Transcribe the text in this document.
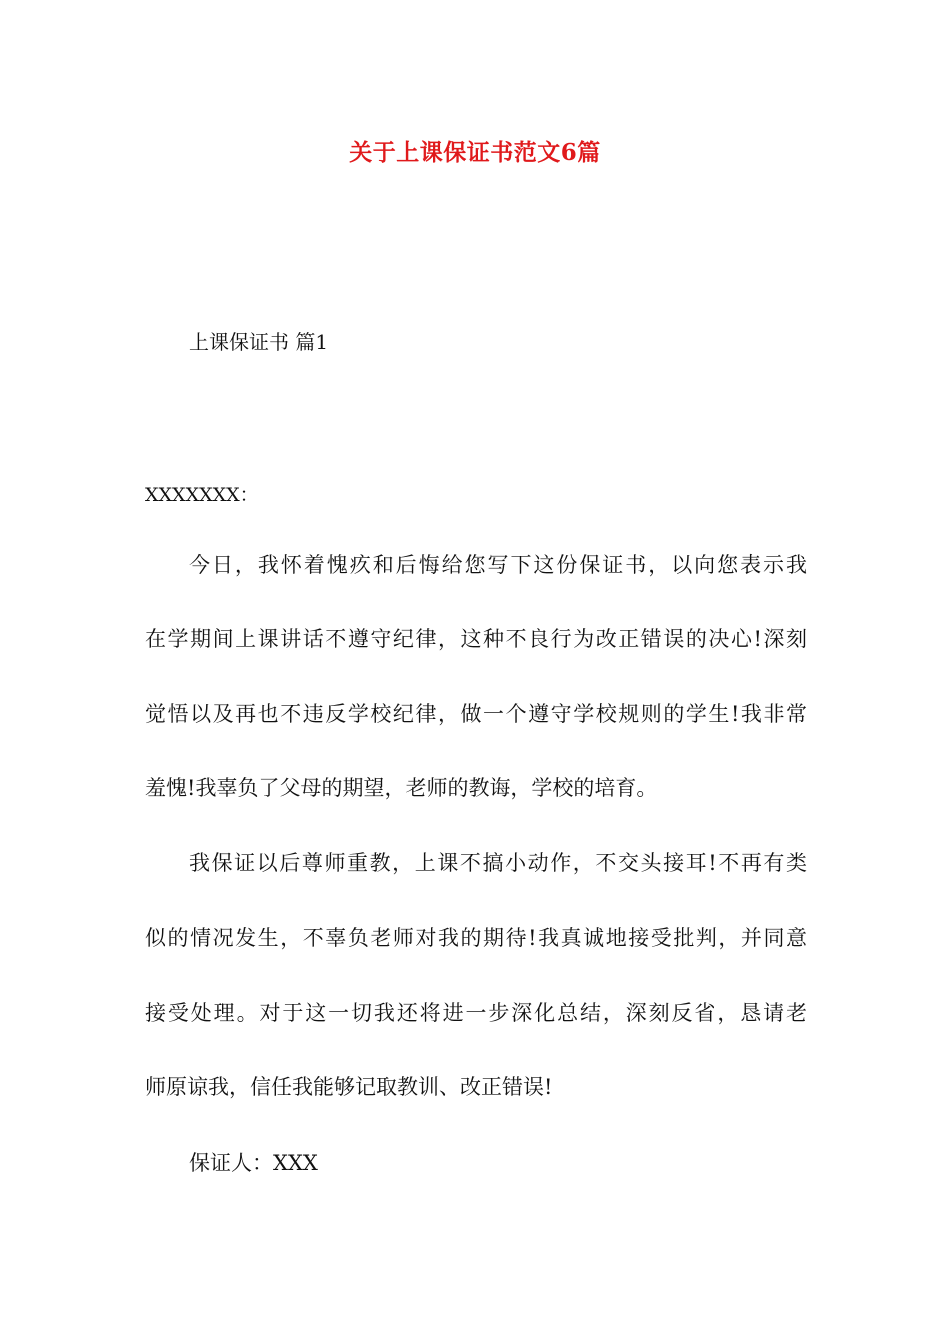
关于上课保证书范文6篇
上课保证书 篇1
XXXXXXX：
今日，我怀着愧疚和后悔给您写下这份保证书，以向您表示我
在学期间上课讲话不遵守纪律，这种不良行为改正错误的决心!深刻
觉悟以及再也不违反学校纪律，做一个遵守学校规则的学生!我非常
羞愧!我辜负了父母的期望，老师的教诲，学校的培育。
我保证以后尊师重教，上课不搞小动作，不交头接耳!不再有类
似的情况发生，不辜负老师对我的期待!我真诚地接受批判，并同意
接受处理。对于这一切我还将进一步深化总结，深刻反省，恳请老
师原谅我，信任我能够记取教训、改正错误!
保证人：XXX
